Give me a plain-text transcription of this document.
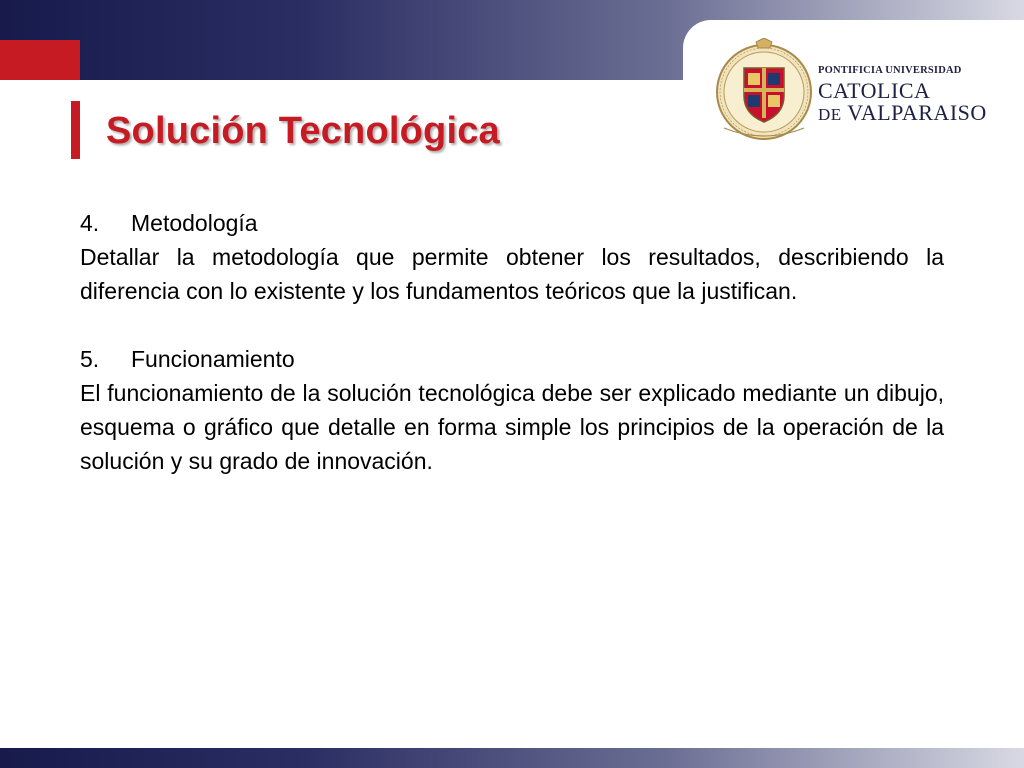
PONTIFICIA UNIVERSIDAD
CATOLICA
DE VALPARAISO
Solución Tecnológica

4. Metodología

Detallar la metodología que permite obtener los resultados, describiendo la diferencia con lo existente y los fundamentos teóricos que la justifican.

5. Funcionamiento

El funcionamiento de la solución tecnológica debe ser explicado mediante un dibujo, esquema o gráfico que detalle en forma simple los principios de la operación de la solución y su grado de innovación.
